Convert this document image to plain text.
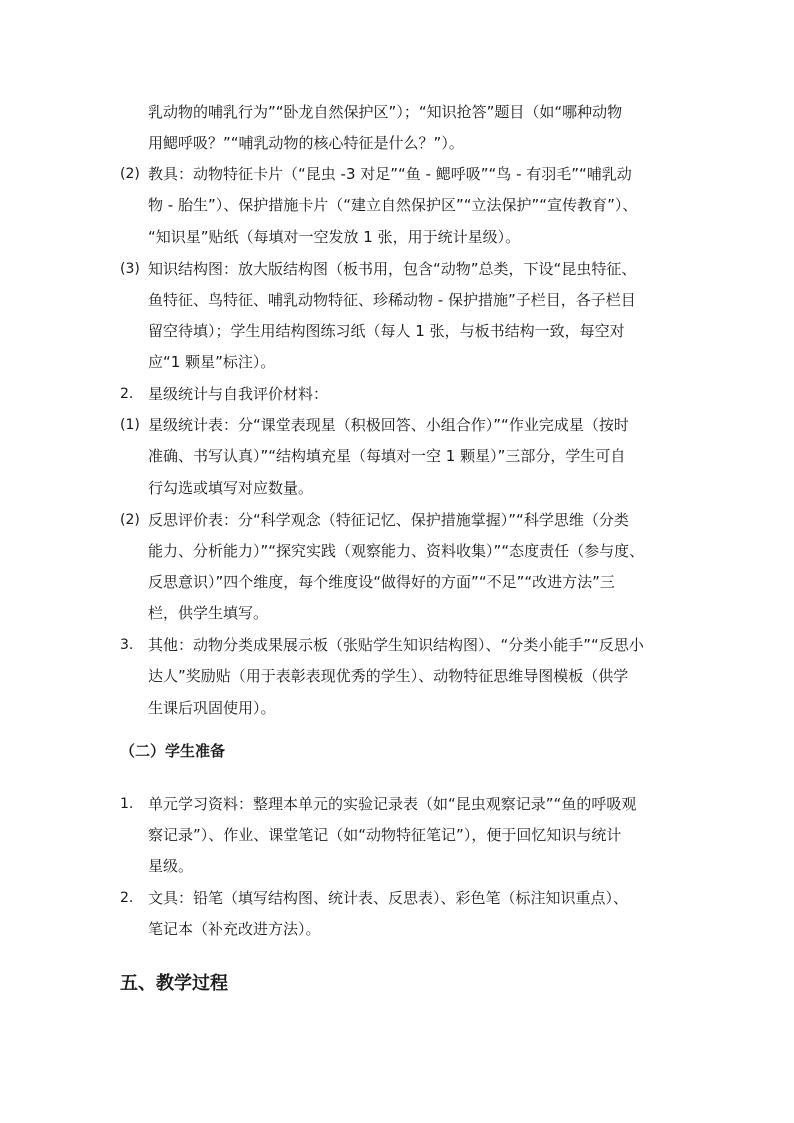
乳动物的哺乳行为”“卧龙自然保护区”）；“知识抢答”题目（如“哪种动物
用鳃呼吸？”“哺乳动物的核心特征是什么？”）。
(2) 教具：动物特征卡片（“昆虫 -3 对足”“鱼 - 鳃呼吸”“鸟 - 有羽毛”“哺乳动
物 - 胎生”）、保护措施卡片（“建立自然保护区”“立法保护”“宣传教育”）、
“知识星”贴纸（每填对一空发放 1 张，用于统计星级）。
(3) 知识结构图：放大版结构图（板书用，包含“动物”总类，下设“昆虫特征、
鱼特征、鸟特征、哺乳动物特征、珍稀动物 - 保护措施”子栏目，各子栏目
留空待填）；学生用结构图练习纸（每人 1 张，与板书结构一致，每空对
应“1 颗星”标注）。
2. 星级统计与自我评价材料：
(1) 星级统计表：分“课堂表现星（积极回答、小组合作）”“作业完成星（按时
准确、书写认真）”“结构填充星（每填对一空 1 颗星）”三部分，学生可自
行勾选或填写对应数量。
(2) 反思评价表：分“科学观念（特征记忆、保护措施掌握）”“科学思维（分类
能力、分析能力）”“探究实践（观察能力、资料收集）”“态度责任（参与度、
反思意识）”四个维度，每个维度设“做得好的方面”“不足”“改进方法”三
栏，供学生填写。
3. 其他：动物分类成果展示板（张贴学生知识结构图）、“分类小能手”“反思小
达人”奖励贴（用于表彰表现优秀的学生）、动物特征思维导图模板（供学
生课后巩固使用）。
（二）学生准备
1. 单元学习资料：整理本单元的实验记录表（如“昆虫观察记录”“鱼的呼吸观
察记录”）、作业、课堂笔记（如“动物特征笔记”），便于回忆知识与统计
星级。
2. 文具：铅笔（填写结构图、统计表、反思表）、彩色笔（标注知识重点）、
笔记本（补充改进方法）。
五、教学过程
